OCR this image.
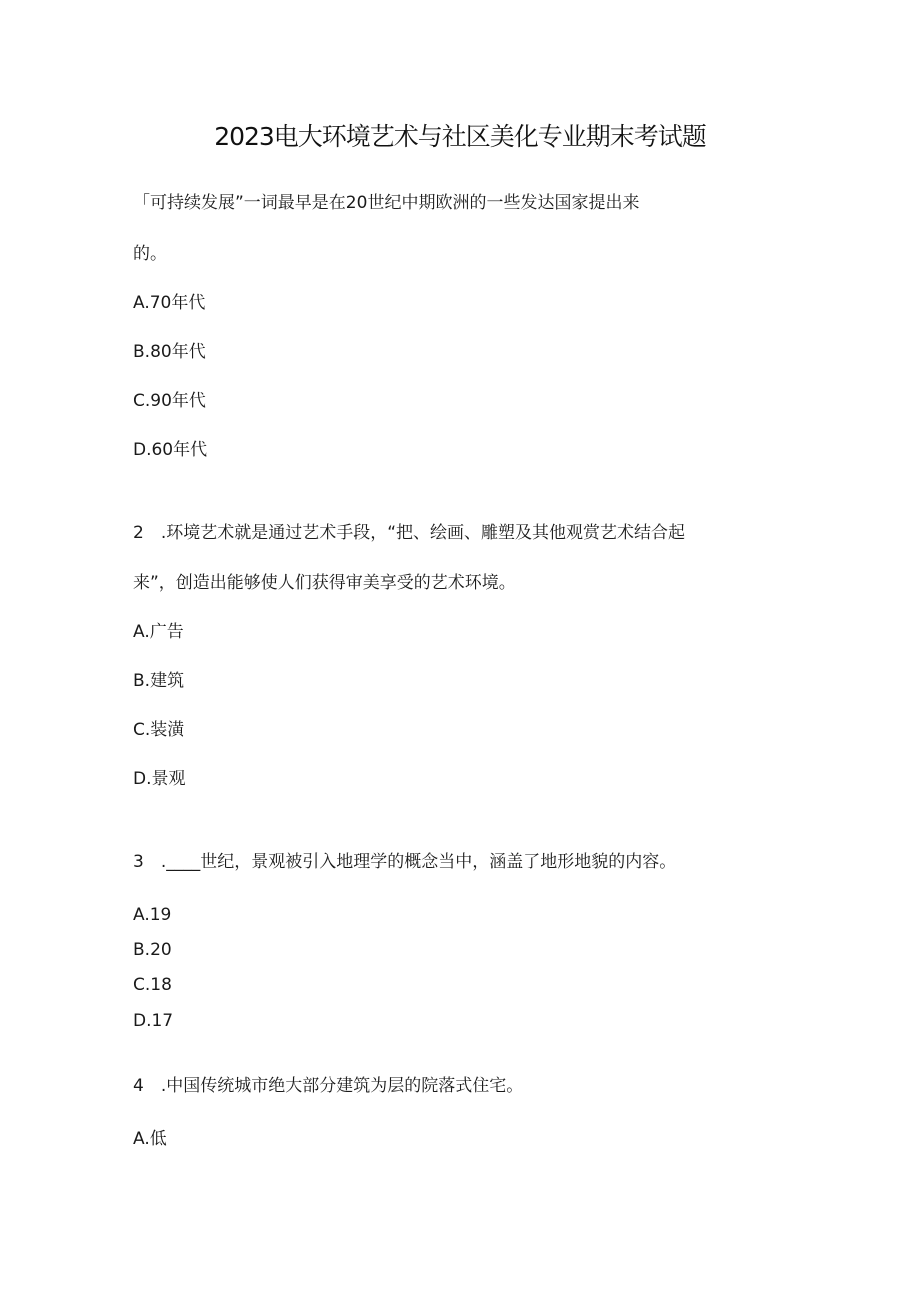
2023电大环境艺术与社区美化专业期末考试题
「可持续发展”一词最早是在20世纪中期欧洲的一些发达国家提出来
的。
A.70年代
B.80年代
C.90年代
D.60年代
2　.环境艺术就是通过艺术手段，“把、绘画、雕塑及其他观赏艺术结合起
来”，创造出能够使人们获得审美享受的艺术环境。
A.广告
B.建筑
C.装潢
D.景观
3　.____世纪，景观被引入地理学的概念当中，涵盖了地形地貌的内容。
A.19
B.20
C.18
D.17
4　.中国传统城市绝大部分建筑为层的院落式住宅。
A.低
